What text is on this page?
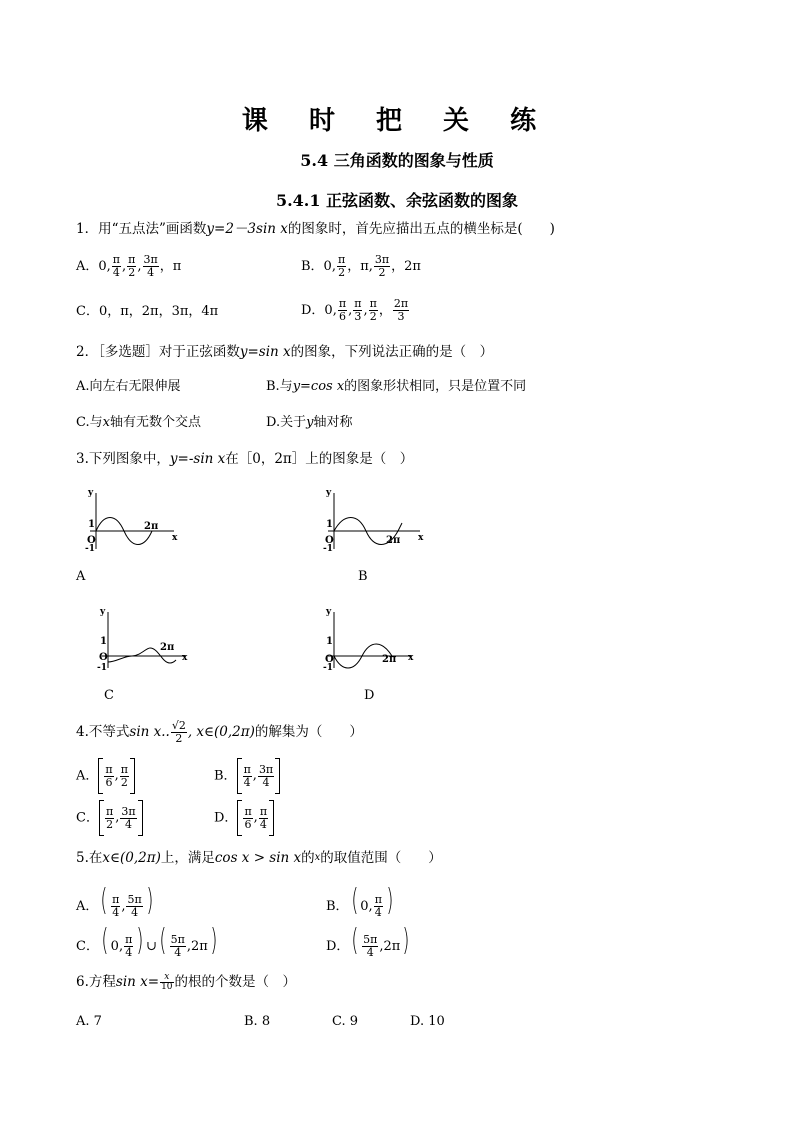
课 时 把 关 练
5.4 三角函数的图象与性质
5.4.1 正弦函数、余弦函数的图象
1．用“五点法”画函数y=2－3sin x的图象时，首先应描出五点的横坐标是(　　)
A．0, $\frac{\pi}{4}$ , $\frac{\pi}{2}$ , $\frac{3\pi}{4}$ ，π	B．0, $\frac{\pi}{2}$ ，π, $\frac{3\pi}{2}$ ，2π
C．0，π，2π，3π，4π	D．0, $\frac{\pi}{6}$ , $\frac{\pi}{3}$ , $\frac{\pi}{2}$ ， $\frac{2\pi}{3}$
2．［多选题］对于正弦函数y=sin x的图象，下列说法正确的是（　）
A.向左右无限伸展	B.与y=cos x的图象形状相同，只是位置不同
C.与x轴有无数个交点	D.关于y轴对称
3.下列图象中，y=-sin x在［0，2π］上的图象是（　）
y
x
1
O
-1
2π
A
y
x
1
O
-1
2π
B
y
x
1
O
-1
2π
C
y
x
1
O
-1
2π
D
4.不等式sin x.. $\frac{√2}{2}$ , x∈(0,2π)的解集为（　　）
A． $\frac{\pi}{6}$ , $\frac{\pi}{2}$	B． $\frac{\pi}{4}$ , $\frac{3\pi}{4}$
C． $\frac{\pi}{2}$ , $\frac{3\pi}{4}$	D． $\frac{\pi}{6}$ , $\frac{\pi}{4}$
5.在x∈(0,2π)上，满足cos x > sin x的$^x$的取值范围（　　）
A．( $\frac{\pi}{4}$ , $\frac{5\pi}{4}$ )	B．( 0, $\frac{\pi}{4}$ )
C．( 0, $\frac{\pi}{4}$ ) ∪( $\frac{5\pi}{4} ,2\pi$)	D．( $\frac{5\pi}{4} ,2\pi$)
6.方程$\sin x= \frac{x}{10}$ 的根的个数是（　）
A. 7	B. 8	C. 9	D. 10
